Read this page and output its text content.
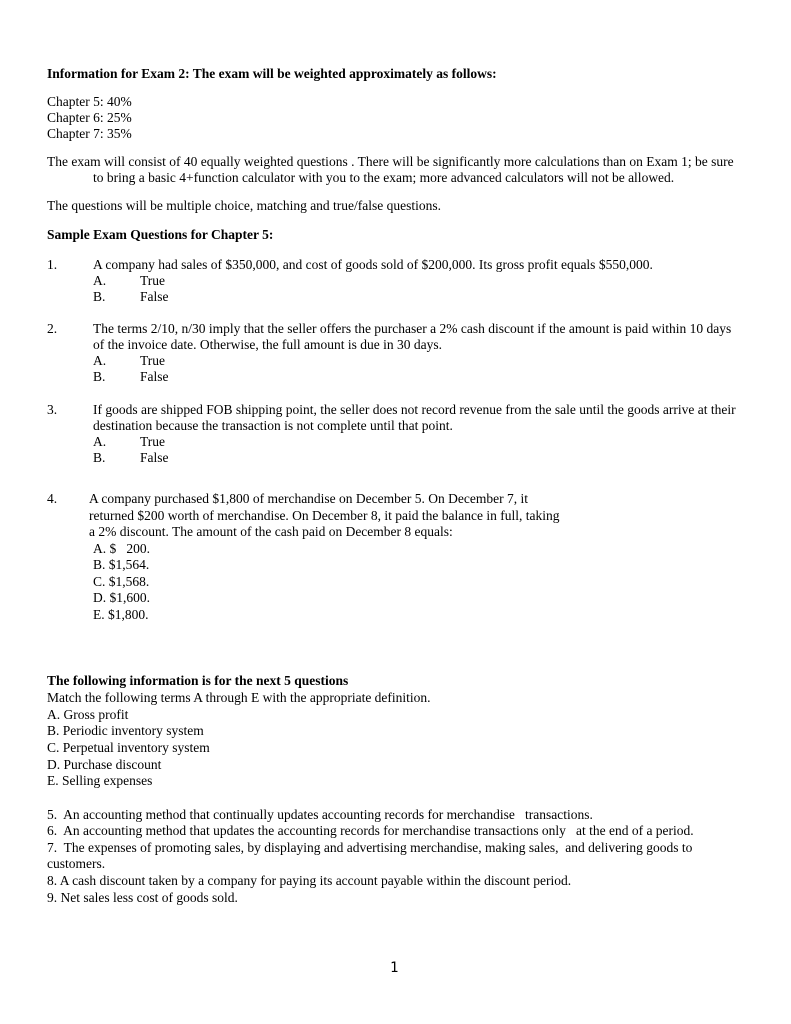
Information for Exam 2: The exam will be weighted approximately as follows:
Chapter 5: 40%
Chapter 6: 25%
Chapter 7: 35%
The exam will consist of 40 equally weighted questions . There will be significantly more calculations than on Exam 1; be sure
to bring a basic 4+function calculator with you to the exam; more advanced calculators will not be allowed.
The questions will be multiple choice, matching and true/false questions.
Sample Exam Questions for Chapter 5:
1.	A company had sales of $350,000, and cost of goods sold of $200,000. Its gross profit equals $550,000.
A.	True
B.	False
2.	The terms 2/10, n/30 imply that the seller offers the purchaser a 2% cash discount if the amount is paid within 10 days
of the invoice date. Otherwise, the full amount is due in 30 days.
A.	True
B.	False
3.	If goods are shipped FOB shipping point, the seller does not record revenue from the sale until the goods arrive at their
destination because the transaction is not complete until that point.
A.	True
B.	False
4. A company purchased $1,800 of merchandise on December 5. On December 7, it
returned $200 worth of merchandise. On December 8, it paid the balance in full, taking
a 2% discount. The amount of the cash paid on December 8 equals:
A. $   200.
B. $1,564.
C. $1,568.
D. $1,600.
E. $1,800.
The following information is for the next 5 questions
Match the following terms A through E with the appropriate definition.
A. Gross profit
B. Periodic inventory system
C. Perpetual inventory system
D. Purchase discount
E. Selling expenses
5.  An accounting method that continually updates accounting records for merchandise   transactions.
6.  An accounting method that updates the accounting records for merchandise transactions only   at the end of a period.
7.  The expenses of promoting sales, by displaying and advertising merchandise, making sales,  and delivering goods to
customers.
8. A cash discount taken by a company for paying its account payable within the discount period.
9. Net sales less cost of goods sold.
1
